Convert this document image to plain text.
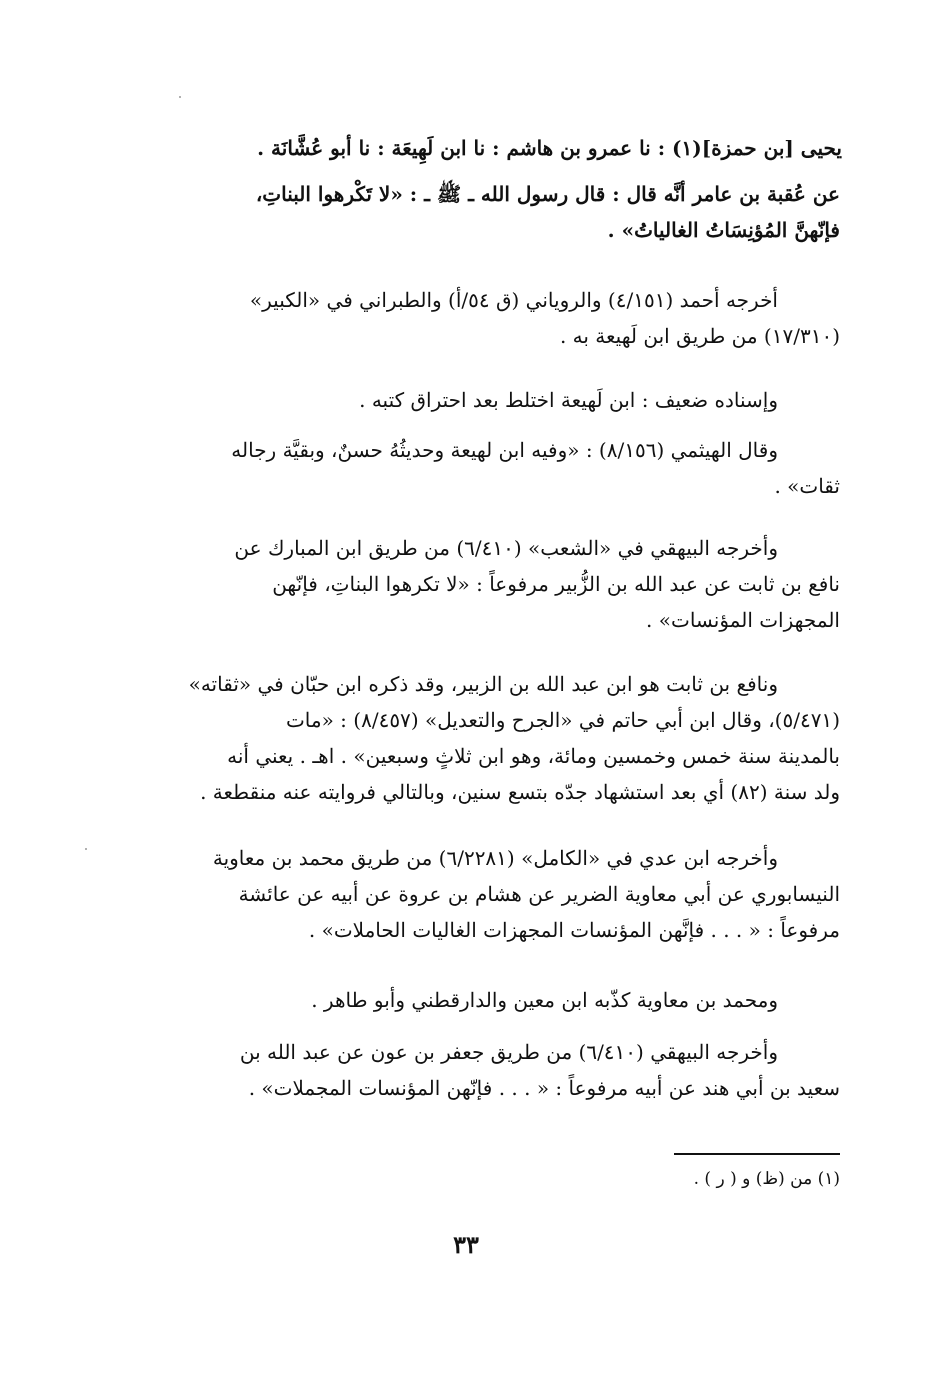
يحيى [بن حمزة](١) : نا عمرو بن هاشم : نا ابن لَهِيعَة : نا أبو عُشَّانَة .
عن عُقبة بن عامر أنَّه قال : قال رسول الله ـ ﷺ ـ : «لا تَكْرهوا البناتِ،
فإنّهنَّ المُؤنِسَاتُ الغالياتُ» .
أخرجه أحمد (٤/١٥١) والروياني (ق ٥٤/أ) والطبراني في «الكبير»
(١٧/٣١٠) من طريق ابن لَهيعة به .
وإسناده ضعيف : ابن لَهيعة اختلط بعد احتراق كتبه .
وقال الهيثمي (٨/١٥٦) : «وفيه ابن لهيعة وحديثُهُ حسنٌ، وبقيَّة رجاله
ثقات» .
وأخرجه البيهقي في «الشعب» (٦/٤١٠) من طريق ابن المبارك عن
نافع بن ثابت عن عبد الله بن الزُّبير مرفوعاً : «لا تكرهوا البناتِ، فإنّهن
المجهزات المؤنسات» .
ونافع بن ثابت هو ابن عبد الله بن الزبير، وقد ذكره ابن حبّان في «ثقاته»
(٥/٤٧١)، وقال ابن أبي حاتم في «الجرح والتعديل» (٨/٤٥٧) : «مات
بالمدينة سنة خمس وخمسين ومائة، وهو ابن ثلاثٍ وسبعين» . اهـ . يعني أنه
ولد سنة (٨٢) أي بعد استشهاد جدّه بتسع سنين، وبالتالي فروايته عنه منقطعة .
وأخرجه ابن عدي في «الكامل» (٦/٢٢٨١) من طريق محمد بن معاوية
النيسابوري عن أبي معاوية الضرير عن هشام بن عروة عن أبيه عن عائشة
مرفوعاً : « . . . فإنَّهن المؤنسات المجهزات الغاليات الحاملات» .
ومحمد بن معاوية كذّبه ابن معين والدارقطني وأبو طاهر .
وأخرجه البيهقي (٦/٤١٠) من طريق جعفر بن عون عن عبد الله بن
سعيد بن أبي هند عن أبيه مرفوعاً : « . . . فإنّهن المؤنسات المجملات» .
(١) من (ظ) و ( ر ) .
٣٣
